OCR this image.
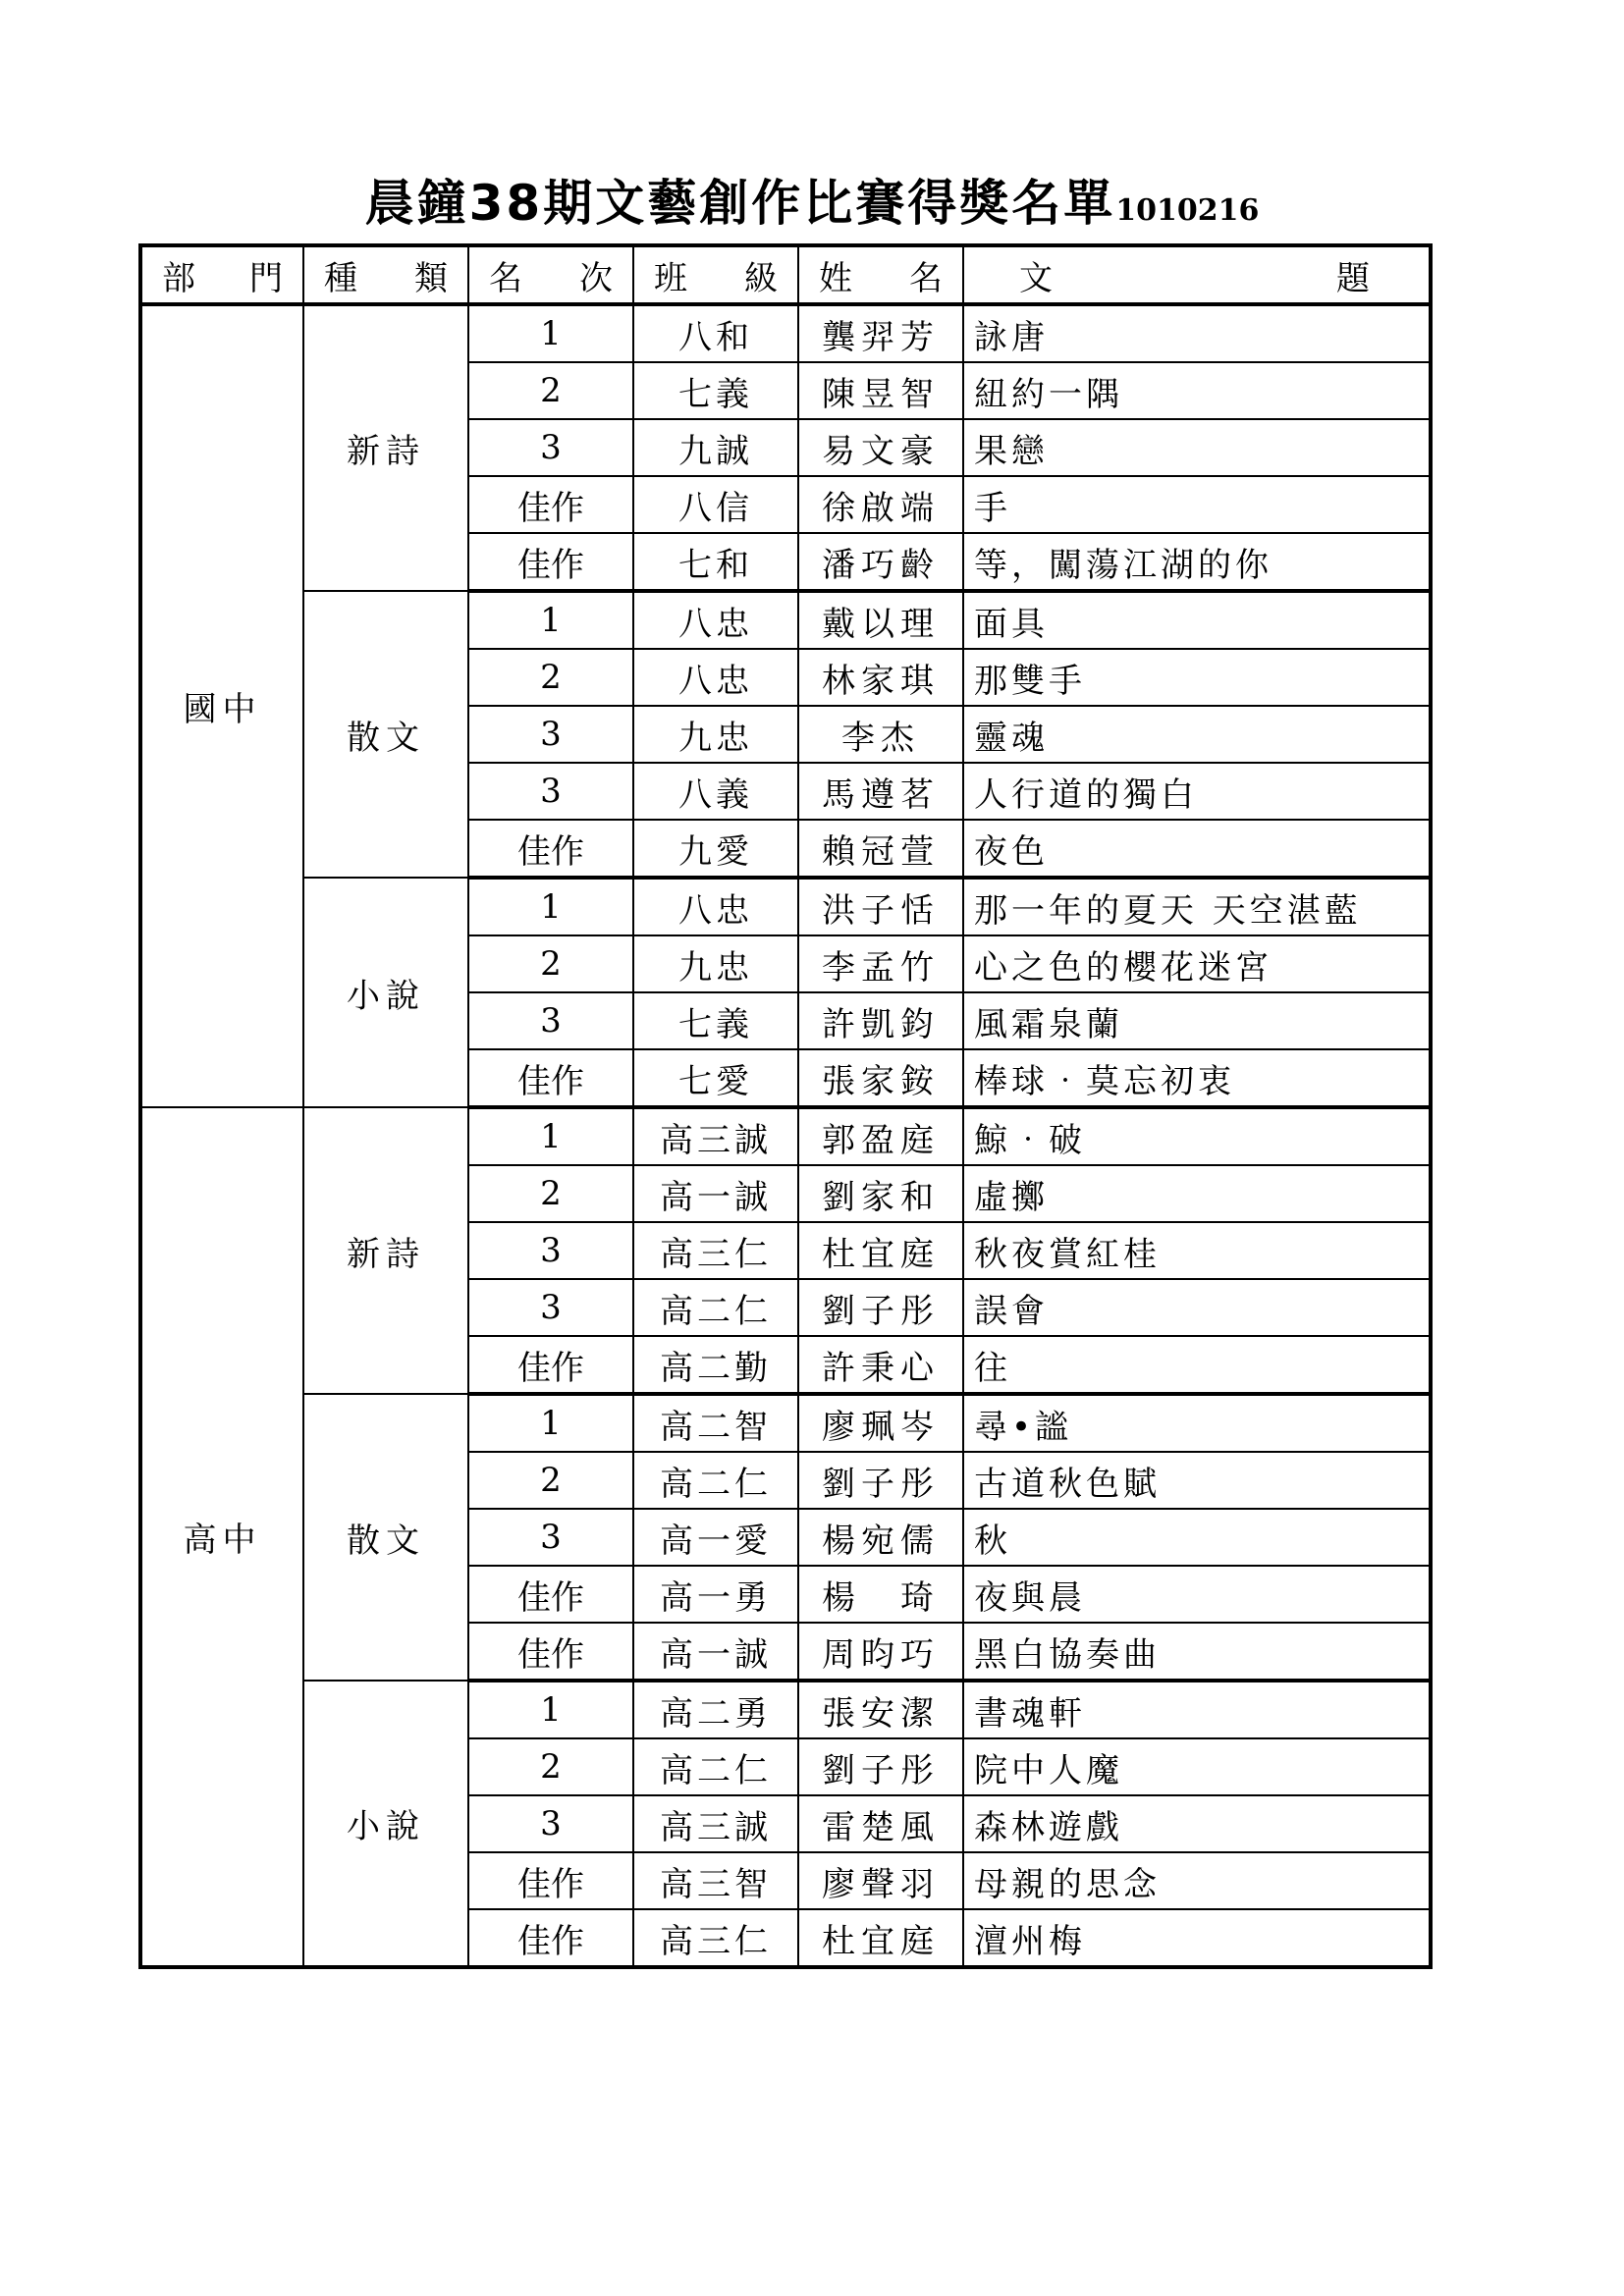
晨鐘38期文藝創作比賽得獎名單1010216
部 門	種 類	名 次	班 級	姓 名	文 題

國中	新詩	1	八和	龔羿芳	詠唐
		2	七義	陳昱智	紐約一隅
		3	九誠	易文豪	果戀
		佳作	八信	徐啟端	手
		佳作	七和	潘巧齡	等，闖蕩江湖的你
	散文	1	八忠	戴以理	面具
		2	八忠	林家琪	那雙手
		3	九忠	李杰	靈魂
		3	八義	馬遵茗	人行道的獨白
		佳作	九愛	賴冠萱	夜色
	小說	1	八忠	洪子恬	那一年的夏天 天空湛藍
		2	九忠	李孟竹	心之色的櫻花迷宮
		3	七義	許凱鈞	風霜泉蘭
		佳作	七愛	張家銨	棒球‧莫忘初衷
高中	新詩	1	高三誠	郭盈庭	鯨‧破
		2	高一誠	劉家和	虛擲
		3	高三仁	杜宜庭	秋夜賞紅桂
		3	高二仁	劉子彤	誤會
		佳作	高二勤	許秉心	往
	散文	1	高二智	廖珮岑	尋•謐
		2	高二仁	劉子彤	古道秋色賦
		3	高一愛	楊宛儒	秋
		佳作	高一勇	楊　琦	夜與晨
		佳作	高一誠	周昀巧	黑白協奏曲
	小說	1	高二勇	張安潔	書魂軒
		2	高二仁	劉子彤	院中人魔
		3	高三誠	雷楚風	森林遊戲
		佳作	高三智	廖聲羽	母親的思念
		佳作	高三仁	杜宜庭	澶州梅
